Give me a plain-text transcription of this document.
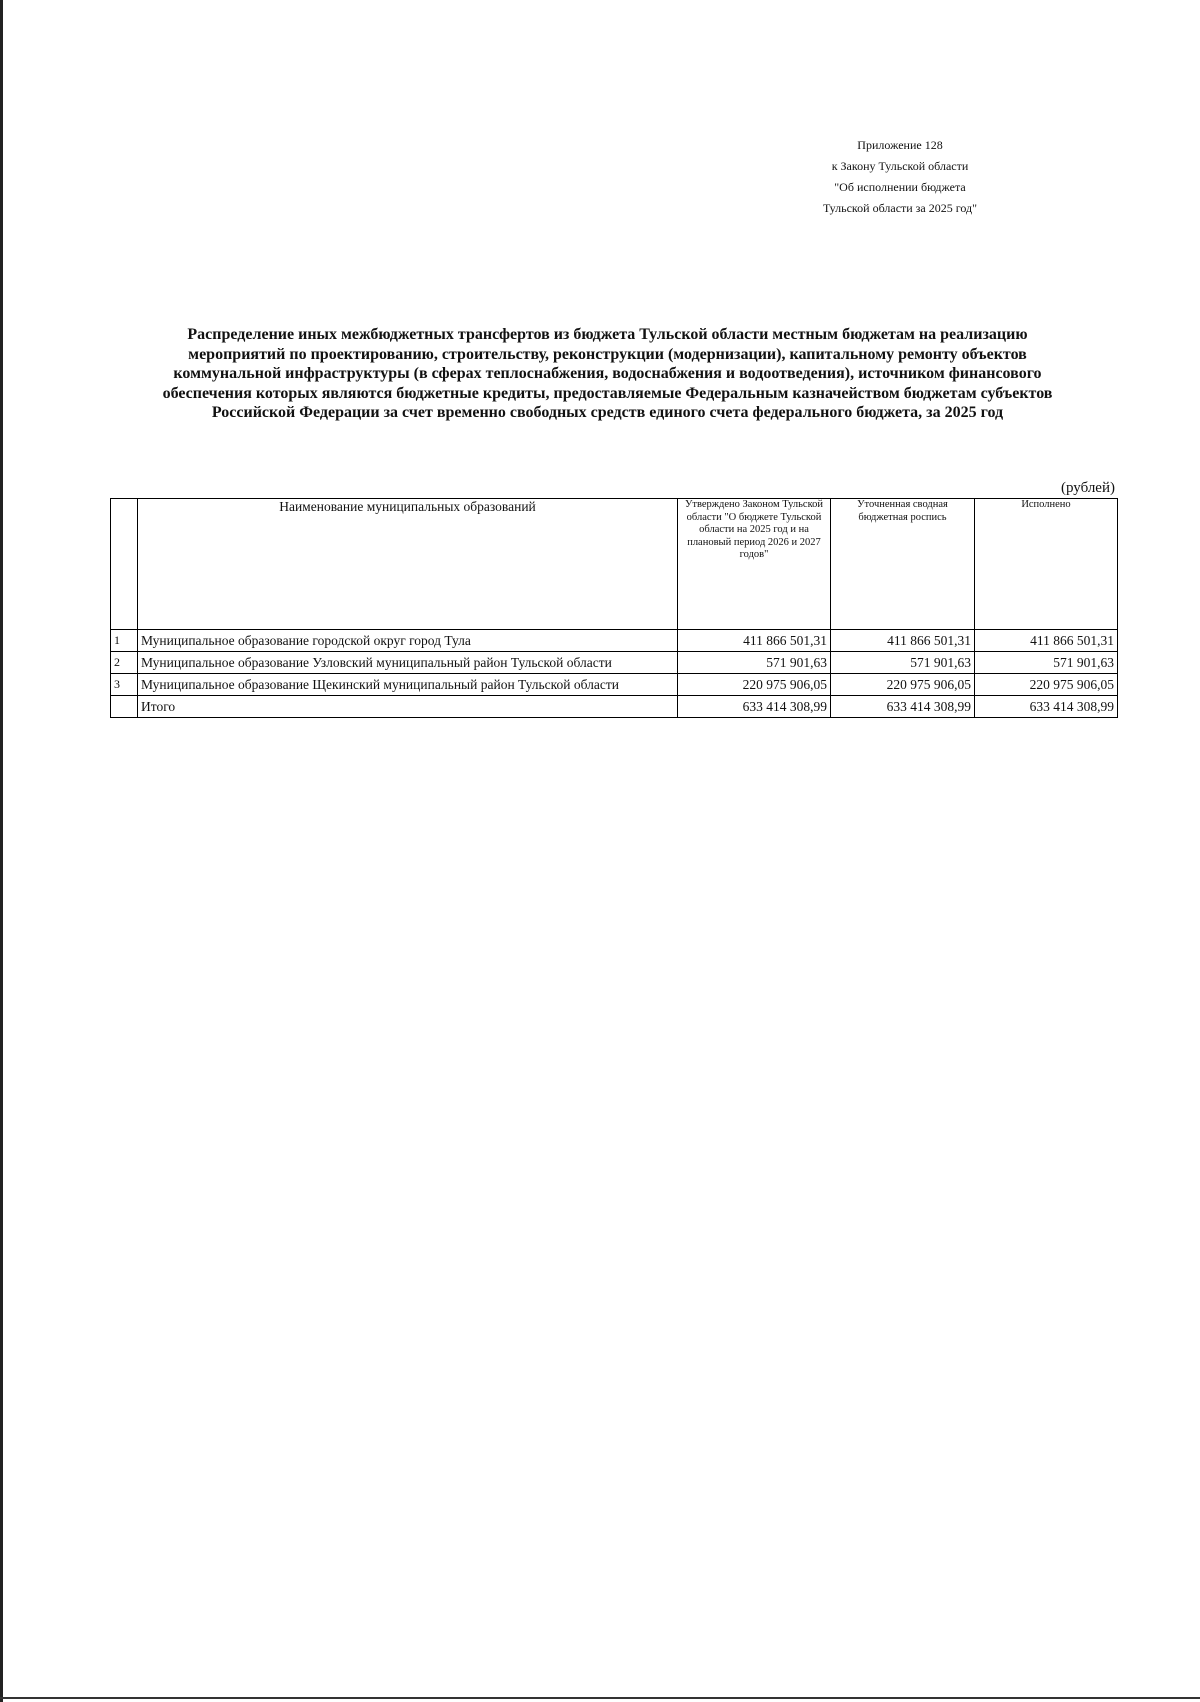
Приложение 128
к Закону Тульской области
"Об исполнении бюджета
Тульской области за 2025 год"
Распределение иных межбюджетных трансфертов из бюджета Тульской области местным бюджетам на реализацию
мероприятий по проектированию, строительству, реконструкции (модернизации), капитальному ремонту объектов
коммунальной инфраструктуры (в сферах теплоснабжения, водоснабжения и водоотведения), источником финансового
обеспечения которых являются бюджетные кредиты, предоставляемые Федеральным казначейством бюджетам субъектов
Российской Федерации за счет временно свободных средств единого счета федерального бюджета, за 2025 год
(рублей)
	Наименование муниципальных образований	Утверждено Законом Тульской области "О бюджете Тульской области на 2025 год и на плановый период 2026 и 2027 годов"	Уточненная сводная бюджетная роспись	Исполнено
1	Муниципальное образование городской округ город Тула	411 866 501,31	411 866 501,31	411 866 501,31
2	Муниципальное образование Узловский муниципальный район Тульской области	571 901,63	571 901,63	571 901,63
3	Муниципальное образование Щекинский муниципальный район Тульской области	220 975 906,05	220 975 906,05	220 975 906,05
	Итого	633 414 308,99	633 414 308,99	633 414 308,99
